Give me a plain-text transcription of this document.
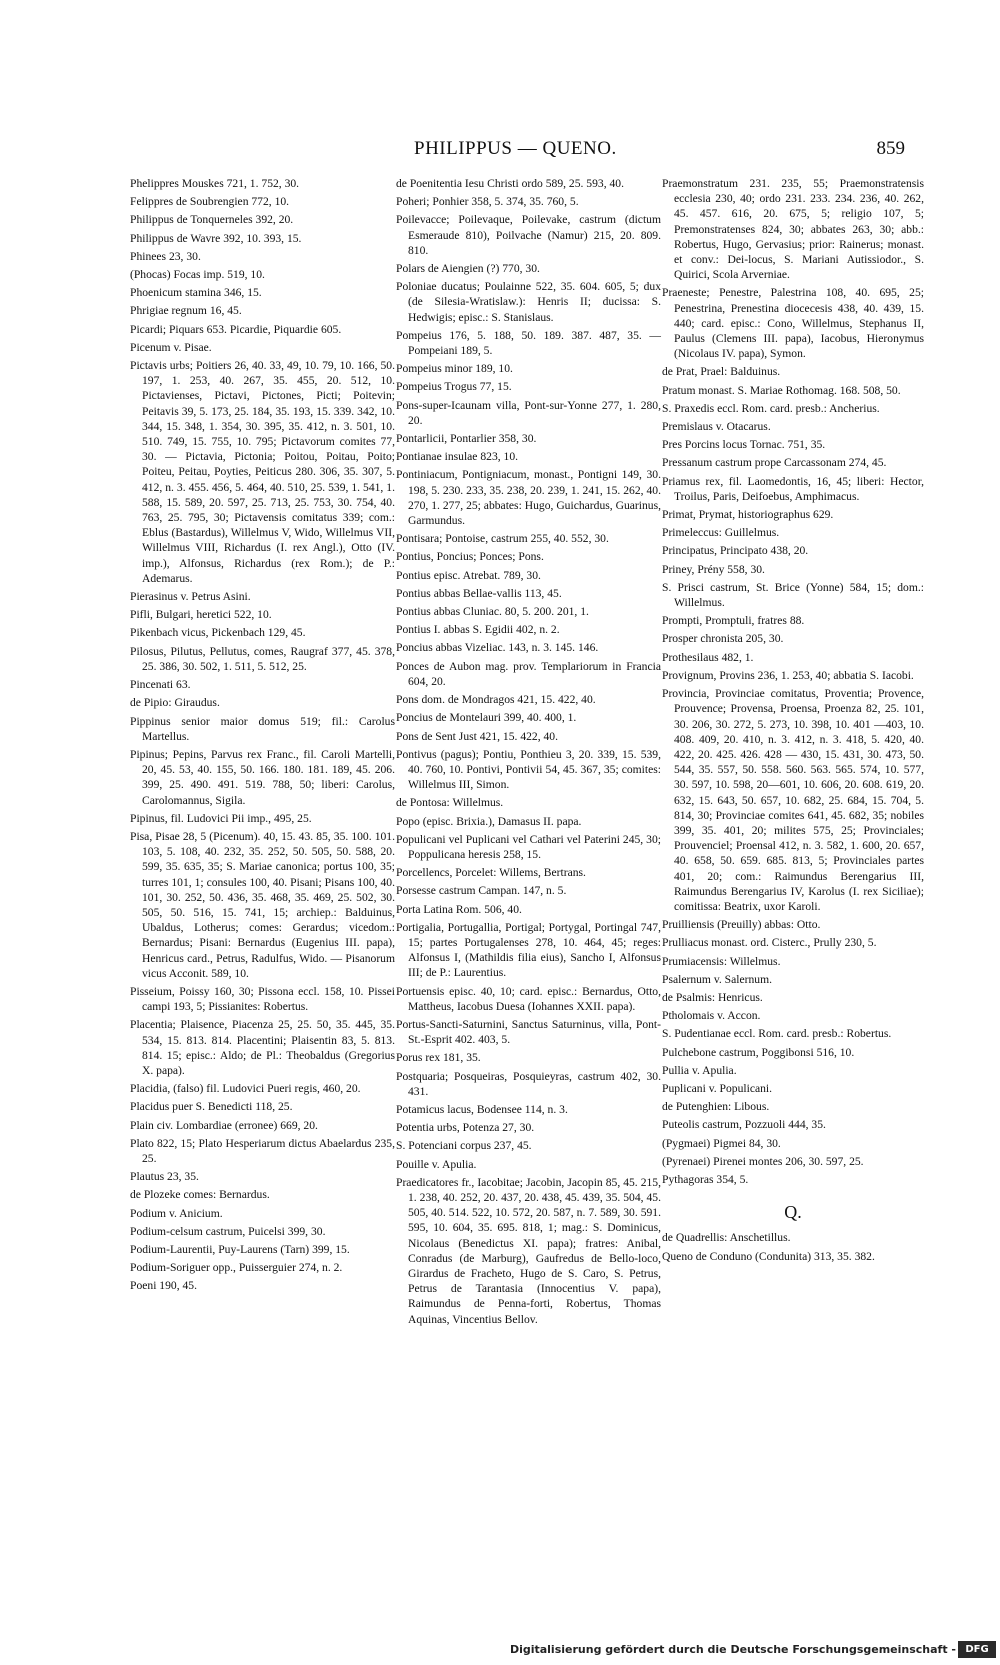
PHILIPPUS — QUENO.	859
Phelippres Mouskes 721, 1. 752, 30.
Felippres de Soubrengien 772, 10.
Philippus de Tonquerneles 392, 20.
Philippus de Wavre 392, 10. 393, 15.
Phinees 23, 30.
(Phocas) Focas imp. 519, 10.
Phoenicum stamina 346, 15.
Phrigiae regnum 16, 45.
Picardi; Piquars 653. Picardie, Piquardie 605.
Picenum v. Pisae.
Pictavis urbs; Poitiers 26, 40. 33, 49, 10. 79, 10. 166, 50. 197, 1. 253, 40. 267, 35. 455, 20. 512, 10. Pictavienses, Pictavi, Pictones, Picti; Poitevin; Peitavis 39, 5. 173, 25. 184, 35. 193, 15. 339. 342, 10. 344, 15. 348, 1. 354, 30. 395, 35. 412, n. 3. 501, 10. 510. 749, 15. 755, 10. 795; Pictavorum comites 77, 30. — Pictavia, Pictonia; Poitou, Poitau, Poito; Poiteu, Peitau, Poyties, Peiticus 280. 306, 35. 307, 5. 412, n. 3. 455. 456, 5. 464, 40. 510, 25. 539, 1. 541, 1. 588, 15. 589, 20. 597, 25. 713, 25. 753, 30. 754, 40. 763, 25. 795, 30; Pictavensis comitatus 339; com.: Eblus (Bastardus), Willelmus V, Wido, Willelmus VII, Willelmus VIII, Richardus (I. rex Angl.), Otto (IV. imp.), Alfonsus, Richardus (rex Rom.); de P.: Ademarus.
Pierasinus v. Petrus Asini.
Pifli, Bulgari, heretici 522, 10.
Pikenbach vicus, Pickenbach 129, 45.
Pilosus, Pilutus, Pellutus, comes, Raugraf 377, 45. 378, 25. 386, 30. 502, 1. 511, 5. 512, 25.
Pincenati 63.
de Pipio: Giraudus.
Pippinus senior maior domus 519; fil.: Carolus Martellus.
Pipinus; Pepins, Parvus rex Franc., fil. Caroli Martelli, 20, 45. 53, 40. 155, 50. 166. 180. 181. 189, 45. 206. 399, 25. 490. 491. 519. 788, 50; liberi: Carolus, Carolomannus, Sigila.
Pipinus, fil. Ludovici Pii imp., 495, 25.
Pisa, Pisae 28, 5 (Picenum). 40, 15. 43. 85, 35. 100. 101. 103, 5. 108, 40. 232, 35. 252, 50. 505, 50. 588, 20. 599, 35. 635, 35; S. Mariae canonica; portus 100, 35; turres 101, 1; consules 100, 40. Pisani; Pisans 100, 40. 101, 30. 252, 50. 436, 35. 468, 35. 469, 25. 502, 30. 505, 50. 516, 15. 741, 15; archiep.: Balduinus, Ubaldus, Lotherus; comes: Gerardus; vicedom.: Bernardus; Pisani: Bernardus (Eugenius III. papa), Henricus card., Petrus, Radulfus, Wido. — Pisanorum vicus Acconit. 589, 10.
Pisseium, Poissy 160, 30; Pissona eccl. 158, 10. Pissei campi 193, 5; Pissianites: Robertus.
Placentia; Plaisence, Piacenza 25, 25. 50, 35. 445, 35. 534, 15. 813. 814. Placentini; Plaisentin 83, 5. 813. 814. 15; episc.: Aldo; de Pl.: Theobaldus (Gregorius X. papa).
Placidia, (falso) fil. Ludovici Pueri regis, 460, 20.
Placidus puer S. Benedicti 118, 25.
Plain civ. Lombardiae (erronee) 669, 20.
Plato 822, 15; Plato Hesperiarum dictus Abaelardus 235, 25.
Plautus 23, 35.
de Plozeke comes: Bernardus.
Podium v. Anicium.
Podium-celsum castrum, Puicelsi 399, 30.
Podium-Laurentii, Puy-Laurens (Tarn) 399, 15.
Podium-Soriguer opp., Puisserguier 274, n. 2.
Poeni 190, 45.
de Poenitentia Iesu Christi ordo 589, 25. 593, 40.
Poheri; Ponhier 358, 5. 374, 35. 760, 5.
Poilevacce; Poilevaque, Poilevake, castrum (dictum Esmeraude 810), Poilvache (Namur) 215, 20. 809. 810.
Polars de Aiengien (?) 770, 30.
Poloniae ducatus; Poulainne 522, 35. 604. 605, 5; dux (de Silesia-Wratislaw.): Henris II; ducissa: S. Hedwigis; episc.: S. Stanislaus.
Pompeius 176, 5. 188, 50. 189. 387. 487, 35. — Pompeiani 189, 5.
Pompeius minor 189, 10.
Pompeius Trogus 77, 15.
Pons-super-Icaunam villa, Pont-sur-Yonne 277, 1. 280, 20.
Pontarlicii, Pontarlier 358, 30.
Pontianae insulae 823, 10.
Pontiniacum, Pontigniacum, monast., Pontigni 149, 30. 198, 5. 230. 233, 35. 238, 20. 239, 1. 241, 15. 262, 40. 270, 1. 277, 25; abbates: Hugo, Guichardus, Guarinus, Garmundus.
Pontisara; Pontoise, castrum 255, 40. 552, 30.
Pontius, Poncius; Ponces; Pons.
Pontius episc. Atrebat. 789, 30.
Pontius abbas Bellae-vallis 113, 45.
Pontius abbas Cluniac. 80, 5. 200. 201, 1.
Pontius I. abbas S. Egidii 402, n. 2.
Poncius abbas Vizeliac. 143, n. 3. 145. 146.
Ponces de Aubon mag. prov. Templariorum in Francia 604, 20.
Pons dom. de Mondragos 421, 15. 422, 40.
Poncius de Montelauri 399, 40. 400, 1.
Pons de Sent Just 421, 15. 422, 40.
Pontivus (pagus); Pontiu, Ponthieu 3, 20. 339, 15. 539, 40. 760, 10. Pontivi, Pontivii 54, 45. 367, 35; comites: Willelmus III, Simon.
de Pontosa: Willelmus.
Popo (episc. Brixia.), Damasus II. papa.
Populicani vel Puplicani vel Cathari vel Paterini 245, 30; Poppulicana heresis 258, 15.
Porcellencs, Porcelet: Willems, Bertrans.
Porsesse castrum Campan. 147, n. 5.
Porta Latina Rom. 506, 40.
Portigalia, Portugallia, Portigal; Portygal, Portingal 747, 15; partes Portugalenses 278, 10. 464, 45; reges: Alfonsus I, (Mathildis filia eius), Sancho I, Alfonsus III; de P.: Laurentius.
Portuensis episc. 40, 10; card. episc.: Bernardus, Otto, Mattheus, Iacobus Duesa (Iohannes XXII. papa).
Portus-Sancti-Saturnini, Sanctus Saturninus, villa, Pont-St.-Esprit 402. 403, 5.
Porus rex 181, 35.
Postquaria; Posqueiras, Posquieyras, castrum 402, 30. 431.
Potamicus lacus, Bodensee 114, n. 3.
Potentia urbs, Potenza 27, 30.
S. Potenciani corpus 237, 45.
Pouille v. Apulia.
Praedicatores fr., Iacobitae; Jacobin, Jacopin 85, 45. 215, 1. 238, 40. 252, 20. 437, 20. 438, 45. 439, 35. 504, 45. 505, 40. 514. 522, 10. 572, 20. 587, n. 7. 589, 30. 591. 595, 10. 604, 35. 695. 818, 1; mag.: S. Dominicus, Nicolaus (Benedictus XI. papa); fratres: Anibal, Conradus (de Marburg), Gaufredus de Bello-loco, Girardus de Fracheto, Hugo de S. Caro, S. Petrus, Petrus de Tarantasia (Innocentius V. papa), Raimundus de Penna-forti, Robertus, Thomas Aquinas, Vincentius Bellov.
Praemonstratum 231. 235, 55; Praemonstratensis ecclesia 230, 40; ordo 231. 233. 234. 236, 40. 262, 45. 457. 616, 20. 675, 5; religio 107, 5; Premonstratenses 824, 30; abbates 263, 30; abb.: Robertus, Hugo, Gervasius; prior: Rainerus; monast. et conv.: Dei-locus, S. Mariani Autissiodor., S. Quirici, Scola Arverniae.
Praeneste; Penestre, Palestrina 108, 40. 695, 25; Penestrina, Prenestina diocecesis 438, 40. 439, 15. 440; card. episc.: Cono, Willelmus, Stephanus II, Paulus (Clemens III. papa), Iacobus, Hieronymus (Nicolaus IV. papa), Symon.
de Prat, Prael: Balduinus.
Pratum monast. S. Mariae Rothomag. 168. 508, 50.
S. Praxedis eccl. Rom. card. presb.: Ancherius.
Premislaus v. Otacarus.
Pres Porcins locus Tornac. 751, 35.
Pressanum castrum prope Carcassonam 274, 45.
Priamus rex, fil. Laomedontis, 16, 45; liberi: Hector, Troilus, Paris, Deifoebus, Amphimacus.
Primat, Prymat, historiographus 629.
Primeleccus: Guillelmus.
Principatus, Principato 438, 20.
Priney, Prény 558, 30.
S. Prisci castrum, St. Brice (Yonne) 584, 15; dom.: Willelmus.
Prompti, Promptuli, fratres 88.
Prosper chronista 205, 30.
Prothesilaus 482, 1.
Provignum, Provins 236, 1. 253, 40; abbatia S. Iacobi.
Provincia, Provinciae comitatus, Proventia; Provence, Prouvence; Provensa, Proensa, Proenza 82, 25. 101, 30. 206, 30. 272, 5. 273, 10. 398, 10. 401 —403, 10. 408. 409, 20. 410, n. 3. 412, n. 3. 418, 5. 420, 40. 422, 20. 425. 426. 428 — 430, 15. 431, 30. 473, 50. 544, 35. 557, 50. 558. 560. 563. 565. 574, 10. 577, 30. 597, 10. 598, 20—601, 10. 606, 20. 608. 619, 20. 632, 15. 643, 50. 657, 10. 682, 25. 684, 15. 704, 5. 814, 30; Provinciae comites 641, 45. 682, 35; nobiles 399, 35. 401, 20; milites 575, 25; Provinciales; Prouvenciel; Proensal 412, n. 3. 582, 1. 600, 20. 657, 40. 658, 50. 659. 685. 813, 5; Provinciales partes 401, 20; com.: Raimundus Berengarius III, Raimundus Berengarius IV, Karolus (I. rex Siciliae); comitissa: Beatrix, uxor Karoli.
Pruilliensis (Preuilly) abbas: Otto.
Prulliacus monast. ord. Cisterc., Prully 230, 5.
Prumiacensis: Willelmus.
Psalernum v. Salernum.
de Psalmis: Henricus.
Ptholomais v. Accon.
S. Pudentianae eccl. Rom. card. presb.: Robertus.
Pulchebone castrum, Poggibonsi 516, 10.
Pullia v. Apulia.
Puplicani v. Populicani.
de Putenghien: Libous.
Puteolis castrum, Pozzuoli 444, 35.
(Pygmaei) Pigmei 84, 30.
(Pyrenaei) Pirenei montes 206, 30. 597, 25.
Pythagoras 354, 5.
Q.
de Quadrellis: Anschetillus.
Queno de Conduno (Condunita) 313, 35. 382.
Digitalisierung gefördert durch die Deutsche Forschungsgemeinschaft - DFG
